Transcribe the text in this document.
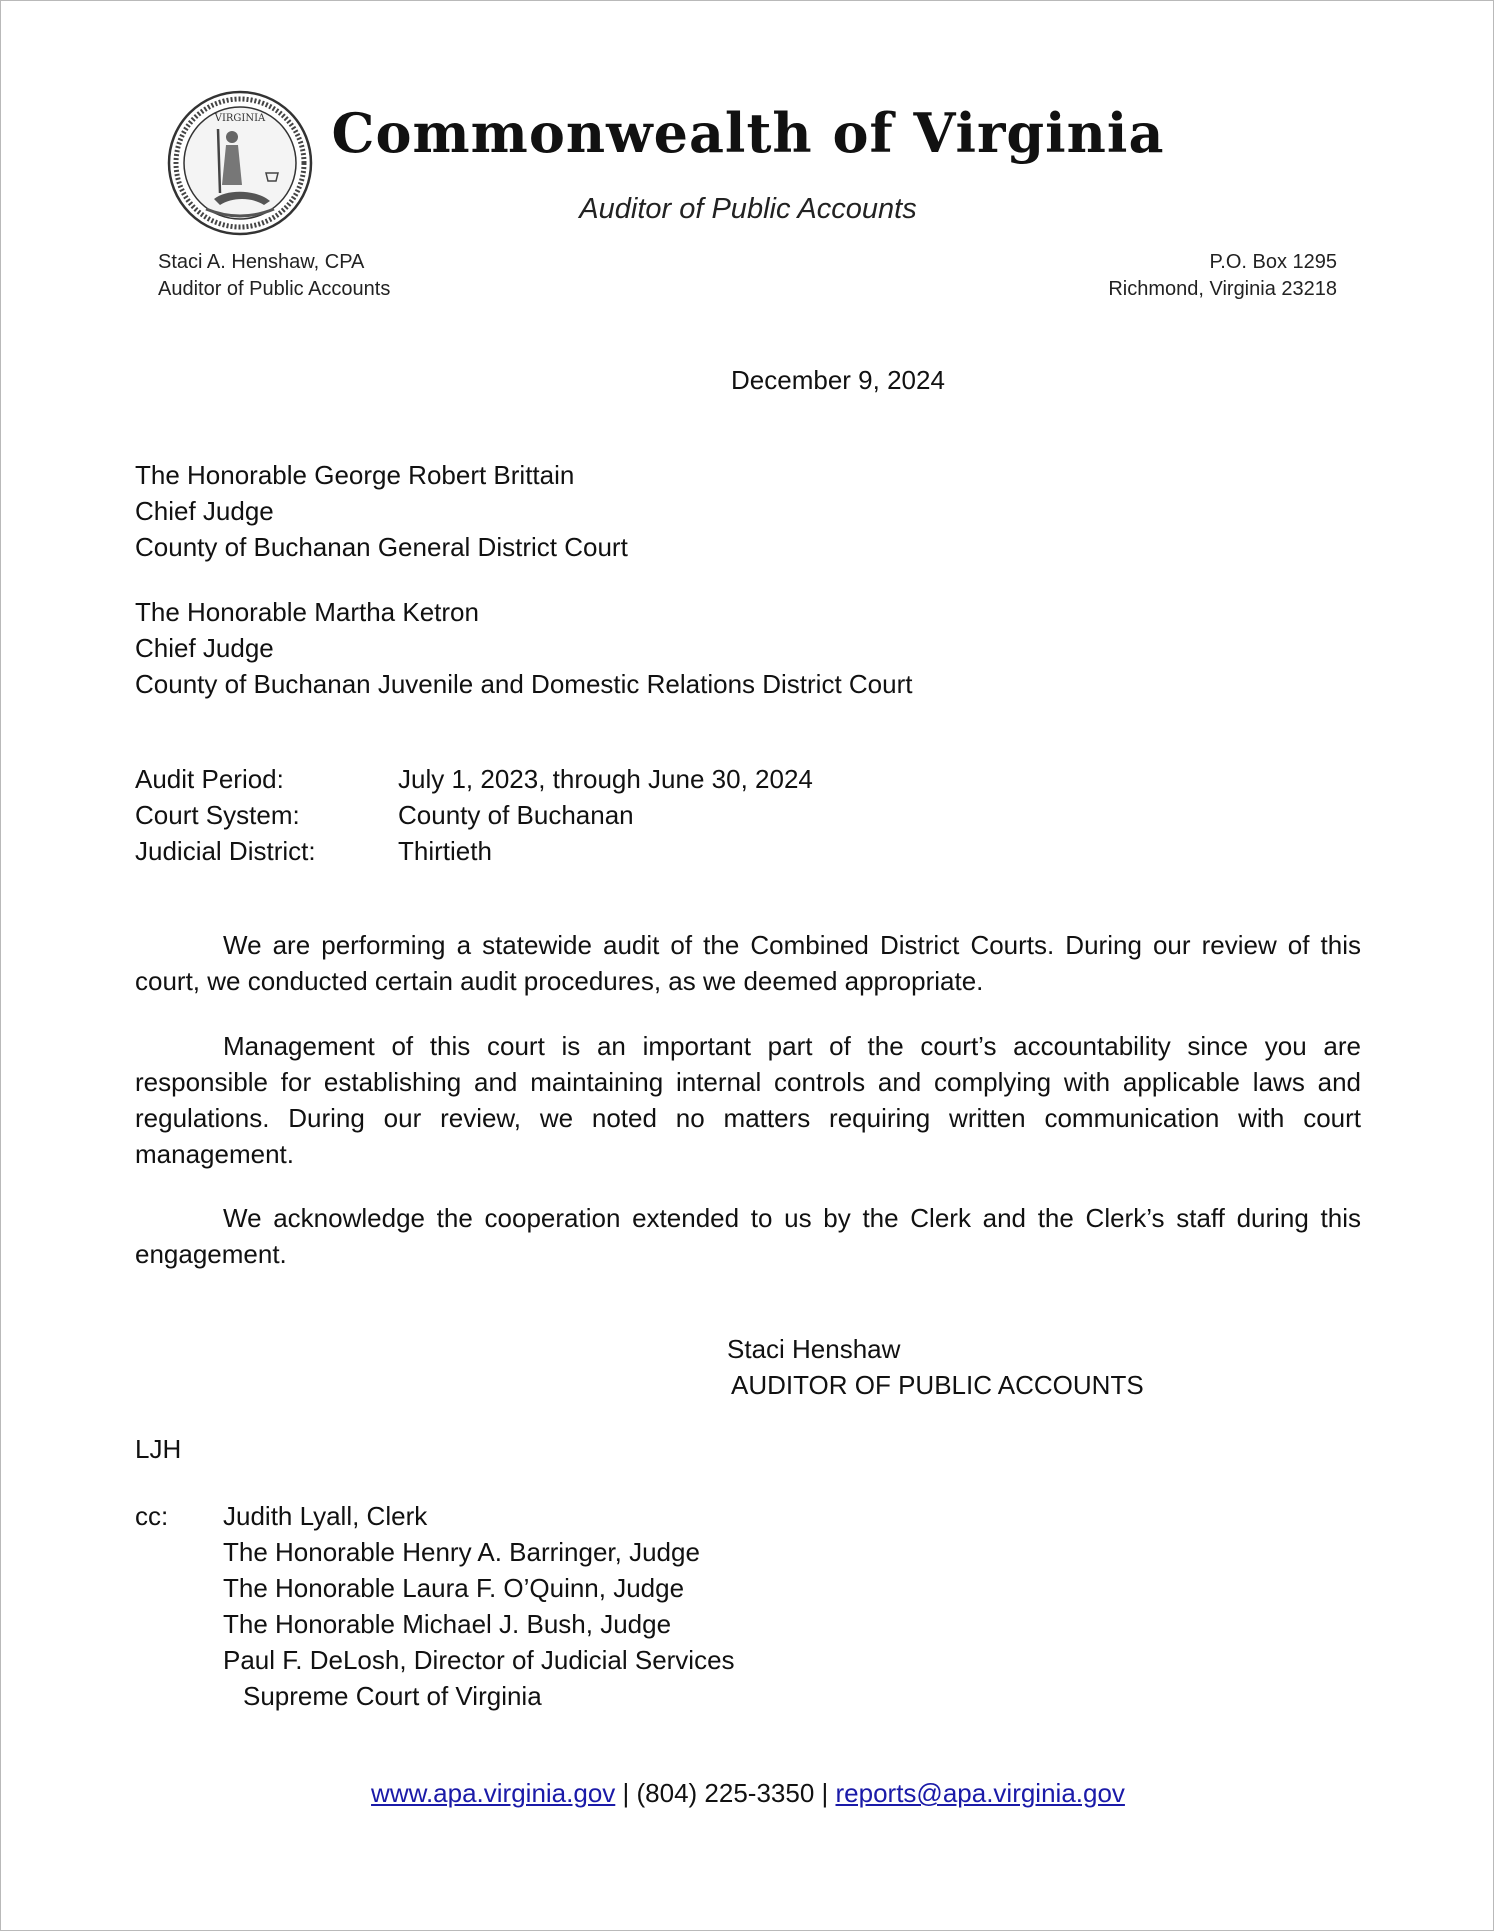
VIRGINIA	Commonwealth of Virginia
Auditor of Public Accounts
Staci A. Henshaw, CPA
Auditor of Public Accounts
P.O. Box 1295
Richmond, Virginia 23218
December 9, 2024
The Honorable George Robert Brittain
Chief Judge
County of Buchanan General District Court
The Honorable Martha Ketron
Chief Judge
County of Buchanan Juvenile and Domestic Relations District Court
Audit Period:	July 1, 2023, through June 30, 2024
Court System:	County of Buchanan
Judicial District:	Thirtieth
We are performing a statewide audit of the Combined District Courts. During our review of this court, we conducted certain audit procedures, as we deemed appropriate.
Management of this court is an important part of the court’s accountability since you are responsible for establishing and maintaining internal controls and complying with applicable laws and regulations. During our review, we noted no matters requiring written communication with court management.
We acknowledge the cooperation extended to us by the Clerk and the Clerk’s staff during this engagement.
Staci Henshaw
AUDITOR OF PUBLIC ACCOUNTS
LJH
cc: Judith Lyall, Clerk
The Honorable Henry A. Barringer, Judge
The Honorable Laura F. O’Quinn, Judge
The Honorable Michael J. Bush, Judge
Paul F. DeLosh, Director of Judicial Services
Supreme Court of Virginia
www.apa.virginia.gov | (804) 225-3350 | reports@apa.virginia.gov
